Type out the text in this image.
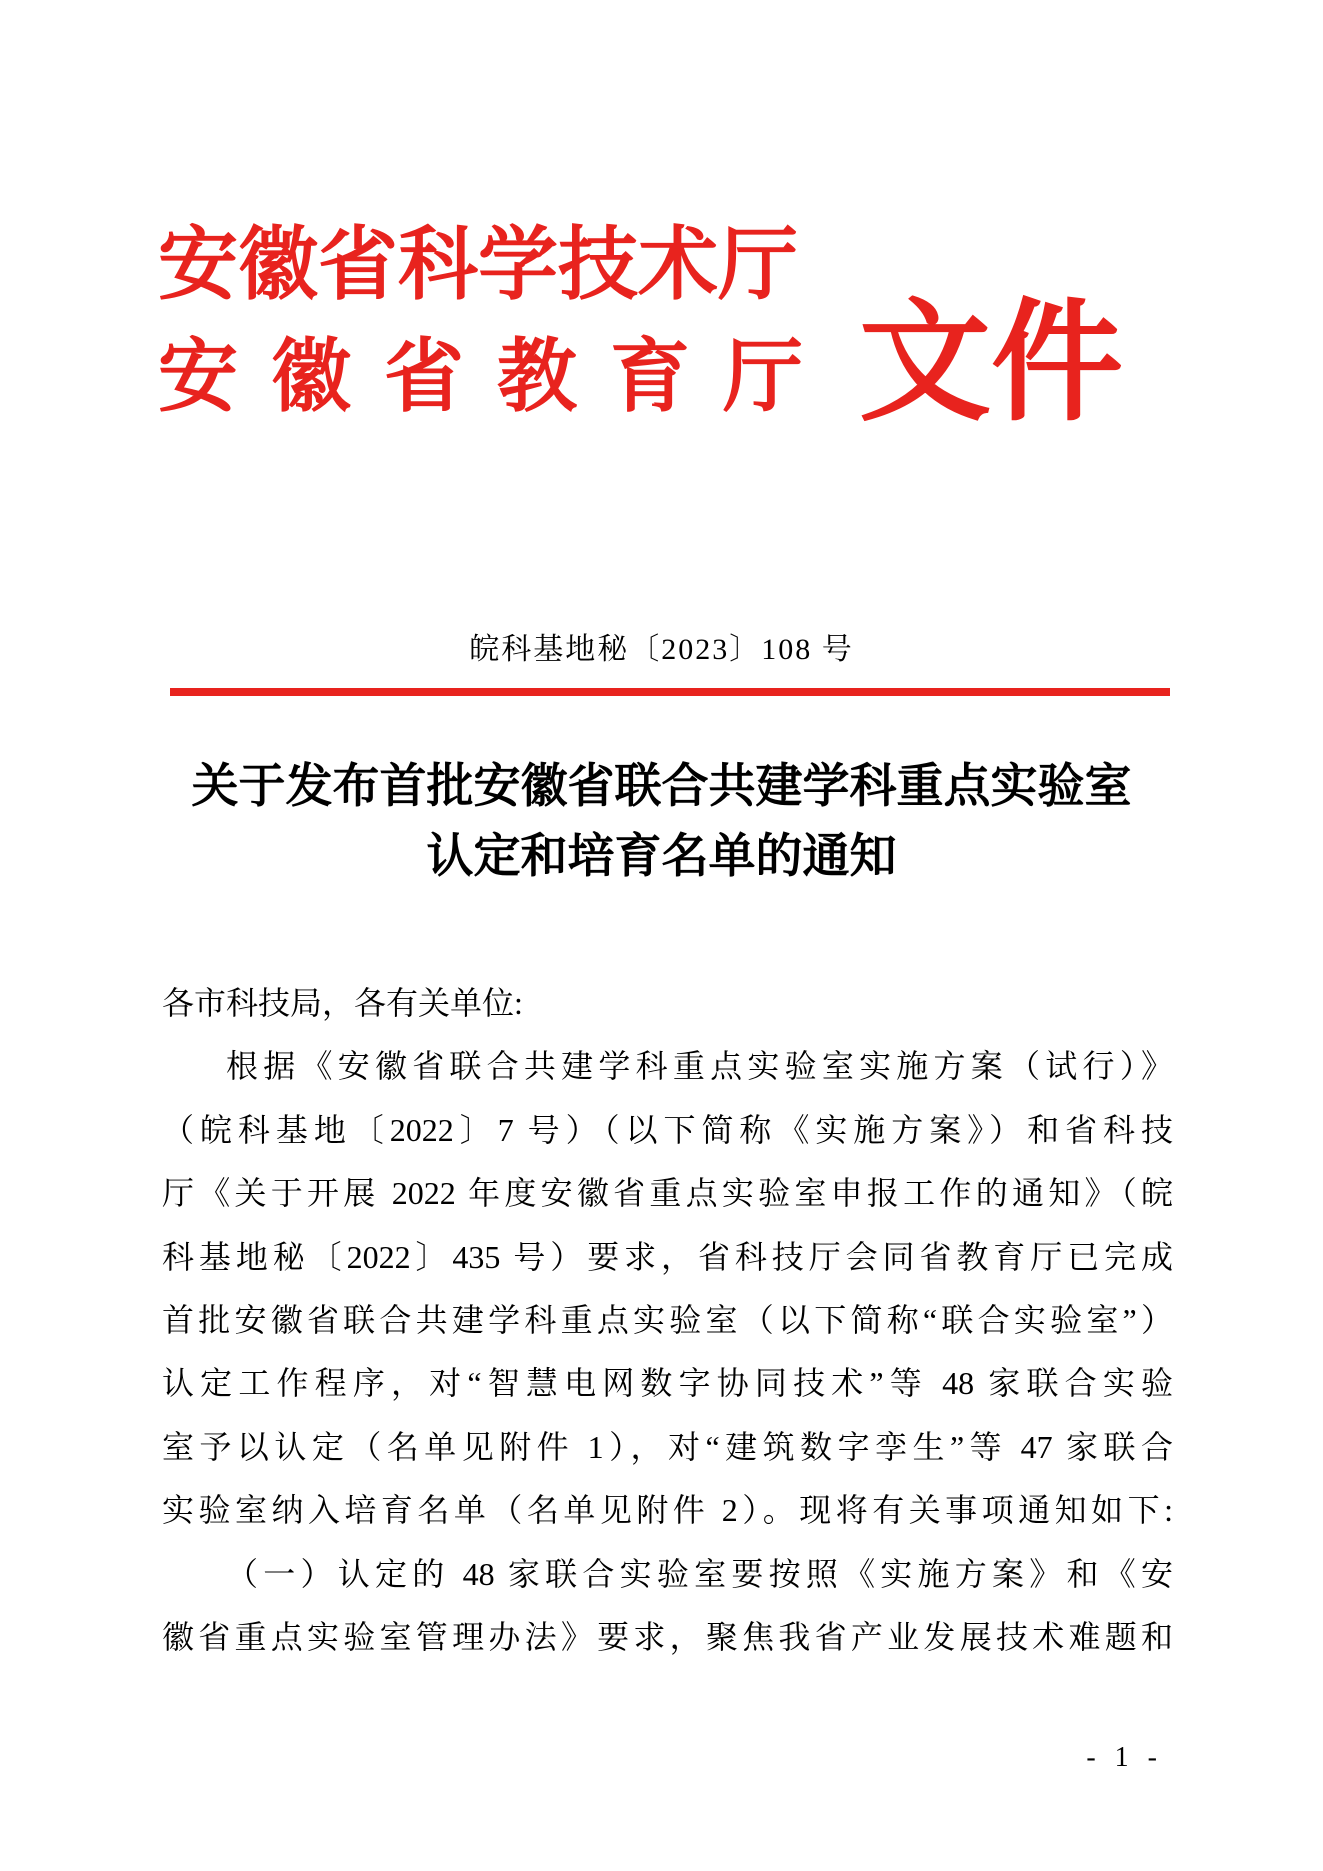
安徽省科学技术厅
安徽省教育厅 文件
皖科基地秘〔2023〕108 号
关于发布首批安徽省联合共建学科重点实验室
认定和培育名单的通知
各市科技局，各有关单位:
根据《安徽省联合共建学科重点实验室实施方案（试行）》
（皖科基地〔2022〕7 号）（以下简称《实施方案》）和省科技
厅《关于开展 2022 年度安徽省重点实验室申报工作的通知》（皖
科基地秘〔2022〕435 号）要求，省科技厅会同省教育厅已完成
首批安徽省联合共建学科重点实验室（以下简称“联合实验室”）
认定工作程序，对“智慧电网数字协同技术”等 48 家联合实验
室予以认定（名单见附件 1），对“建筑数字孪生”等 47 家联合
实验室纳入培育名单（名单见附件 2）。现将有关事项通知如下:
（一）认定的 48 家联合实验室要按照《实施方案》和《安
徽省重点实验室管理办法》要求，聚焦我省产业发展技术难题和
- 1 -
